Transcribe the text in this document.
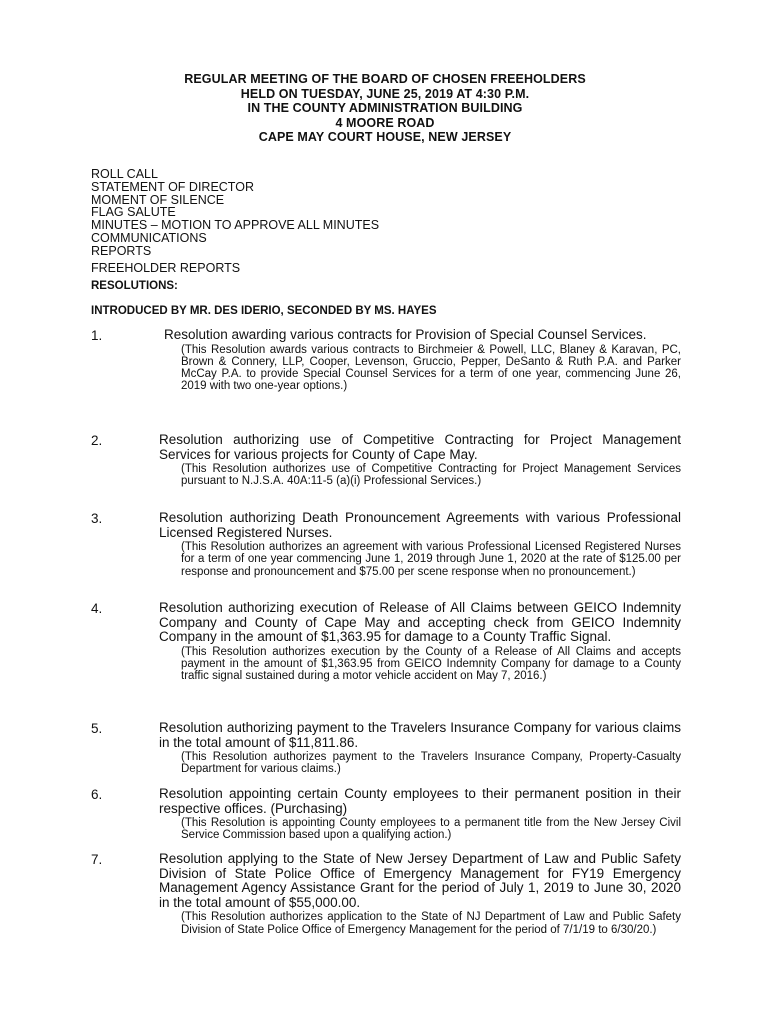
REGULAR MEETING OF THE BOARD OF CHOSEN FREEHOLDERS
HELD ON TUESDAY, JUNE 25, 2019 AT 4:30 P.M.
IN THE COUNTY ADMINISTRATION BUILDING
4 MOORE ROAD
CAPE MAY COURT HOUSE, NEW JERSEY
ROLL CALL
STATEMENT OF DIRECTOR
MOMENT OF SILENCE
FLAG SALUTE
MINUTES – MOTION TO APPROVE ALL MINUTES
COMMUNICATIONS
REPORTS
FREEHOLDER REPORTS
RESOLUTIONS:
INTRODUCED BY MR. DES IDERIO, SECONDED BY MS. HAYES
1.	Resolution awarding various contracts for Provision of Special Counsel Services.
(This Resolution awards various contracts to Birchmeier & Powell, LLC, Blaney & Karavan, PC, Brown & Connery, LLP, Cooper, Levenson, Gruccio, Pepper, DeSanto & Ruth P.A. and Parker McCay P.A. to provide Special Counsel Services for a term of one year, commencing June 26, 2019 with two one-year options.)
2.	Resolution authorizing use of Competitive Contracting for Project Management Services for various projects for County of Cape May.
(This Resolution authorizes use of Competitive Contracting for Project Management Services pursuant to N.J.S.A. 40A:11-5 (a)(i) Professional Services.)
3.	Resolution authorizing Death Pronouncement Agreements with various Professional Licensed Registered Nurses.
(This Resolution authorizes an agreement with various Professional Licensed Registered Nurses for a term of one year commencing June 1, 2019 through June 1, 2020 at the rate of $125.00 per response and pronouncement and $75.00 per scene response when no pronouncement.)
4.	Resolution authorizing execution of Release of All Claims between GEICO Indemnity Company and County of Cape May and accepting check from GEICO Indemnity Company in the amount of $1,363.95 for damage to a County Traffic Signal.
(This Resolution authorizes execution by the County of a Release of All Claims and accepts payment in the amount of $1,363.95 from GEICO Indemnity Company for damage to a County traffic signal sustained during a motor vehicle accident on May 7, 2016.)
5.	Resolution authorizing payment to the Travelers Insurance Company for various claims in the total amount of $11,811.86.
(This Resolution authorizes payment to the Travelers Insurance Company, Property-Casualty Department for various claims.)
6.	Resolution appointing certain County employees to their permanent position in their respective offices. (Purchasing)
(This Resolution is appointing County employees to a permanent title from the New Jersey Civil Service Commission based upon a qualifying action.)
7.	Resolution applying to the State of New Jersey Department of Law and Public Safety Division of State Police Office of Emergency Management for FY19 Emergency Management Agency Assistance Grant for the period of July 1, 2019 to June 30, 2020 in the total amount of $55,000.00.
(This Resolution authorizes application to the State of NJ Department of Law and Public Safety Division of State Police Office of Emergency Management for the period of 7/1/19 to 6/30/20.)
